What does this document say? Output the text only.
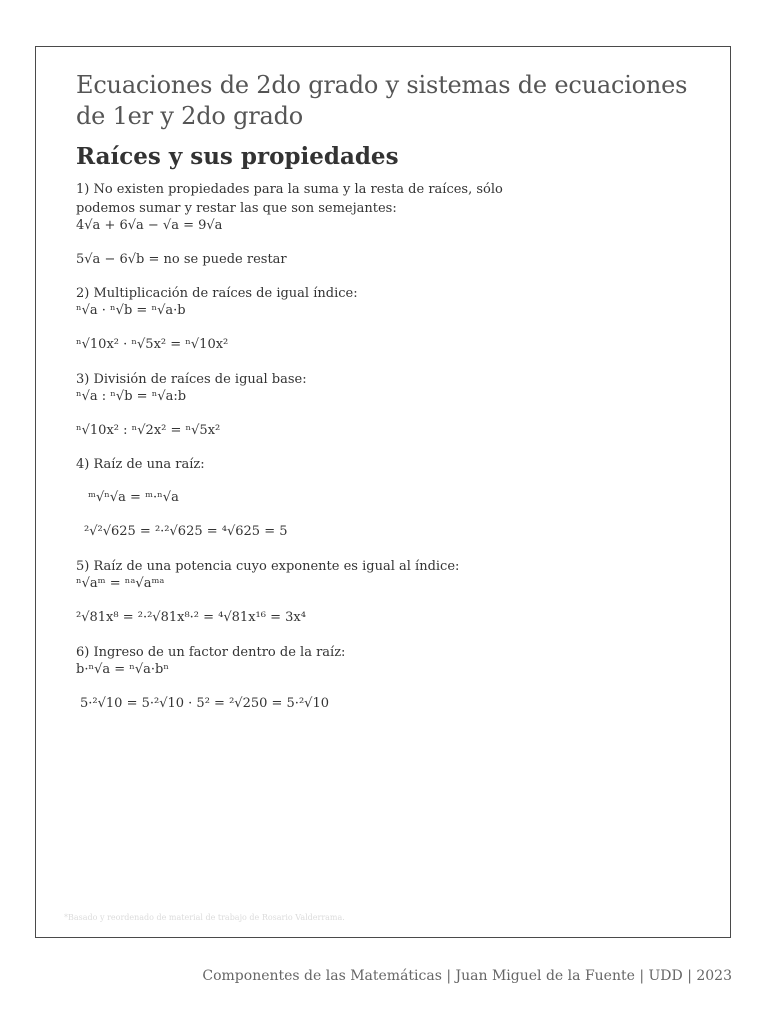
Ecuaciones de 2do grado y sistemas de ecuaciones de 1er y 2do grado
Raíces y sus propiedades
1) No existen propiedades para la suma y la resta de raíces, sólo
podemos sumar y restar las que son semejantes:
4√a + 6√a − √a = 9√a
5√a − 6√b = no se puede restar
2) Multiplicación de raíces de igual índice:
ⁿ√a · ⁿ√b = ⁿ√a·b
ⁿ√10x² · ⁿ√5x² = ⁿ√10x²
3) División de raíces de igual base:
ⁿ√a : ⁿ√b = ⁿ√a:b
ⁿ√10x² : ⁿ√2x² = ⁿ√5x²
4) Raíz de una raíz:
ᵐ√ⁿ√a = ᵐ·ⁿ√a
²√²√625 = ²·²√625 = ⁴√625 = 5
5) Raíz de una potencia cuyo exponente es igual al índice:
ⁿ√aᵐ = ⁿᵃ√aᵐᵃ
²√81x⁸ = ²·²√81x⁸·² = ⁴√81x¹⁶ = 3x⁴
6) Ingreso de un factor dentro de la raíz:
b·ⁿ√a = ⁿ√a·bⁿ
5·²√10 = 5·²√10 · 5² = ²√250 = 5·²√10
*Basado y reordenado de material de trabajo de Rosario Valderrama.

Componentes de las Matemáticas | Juan Miguel de la Fuente | UDD | 2023
